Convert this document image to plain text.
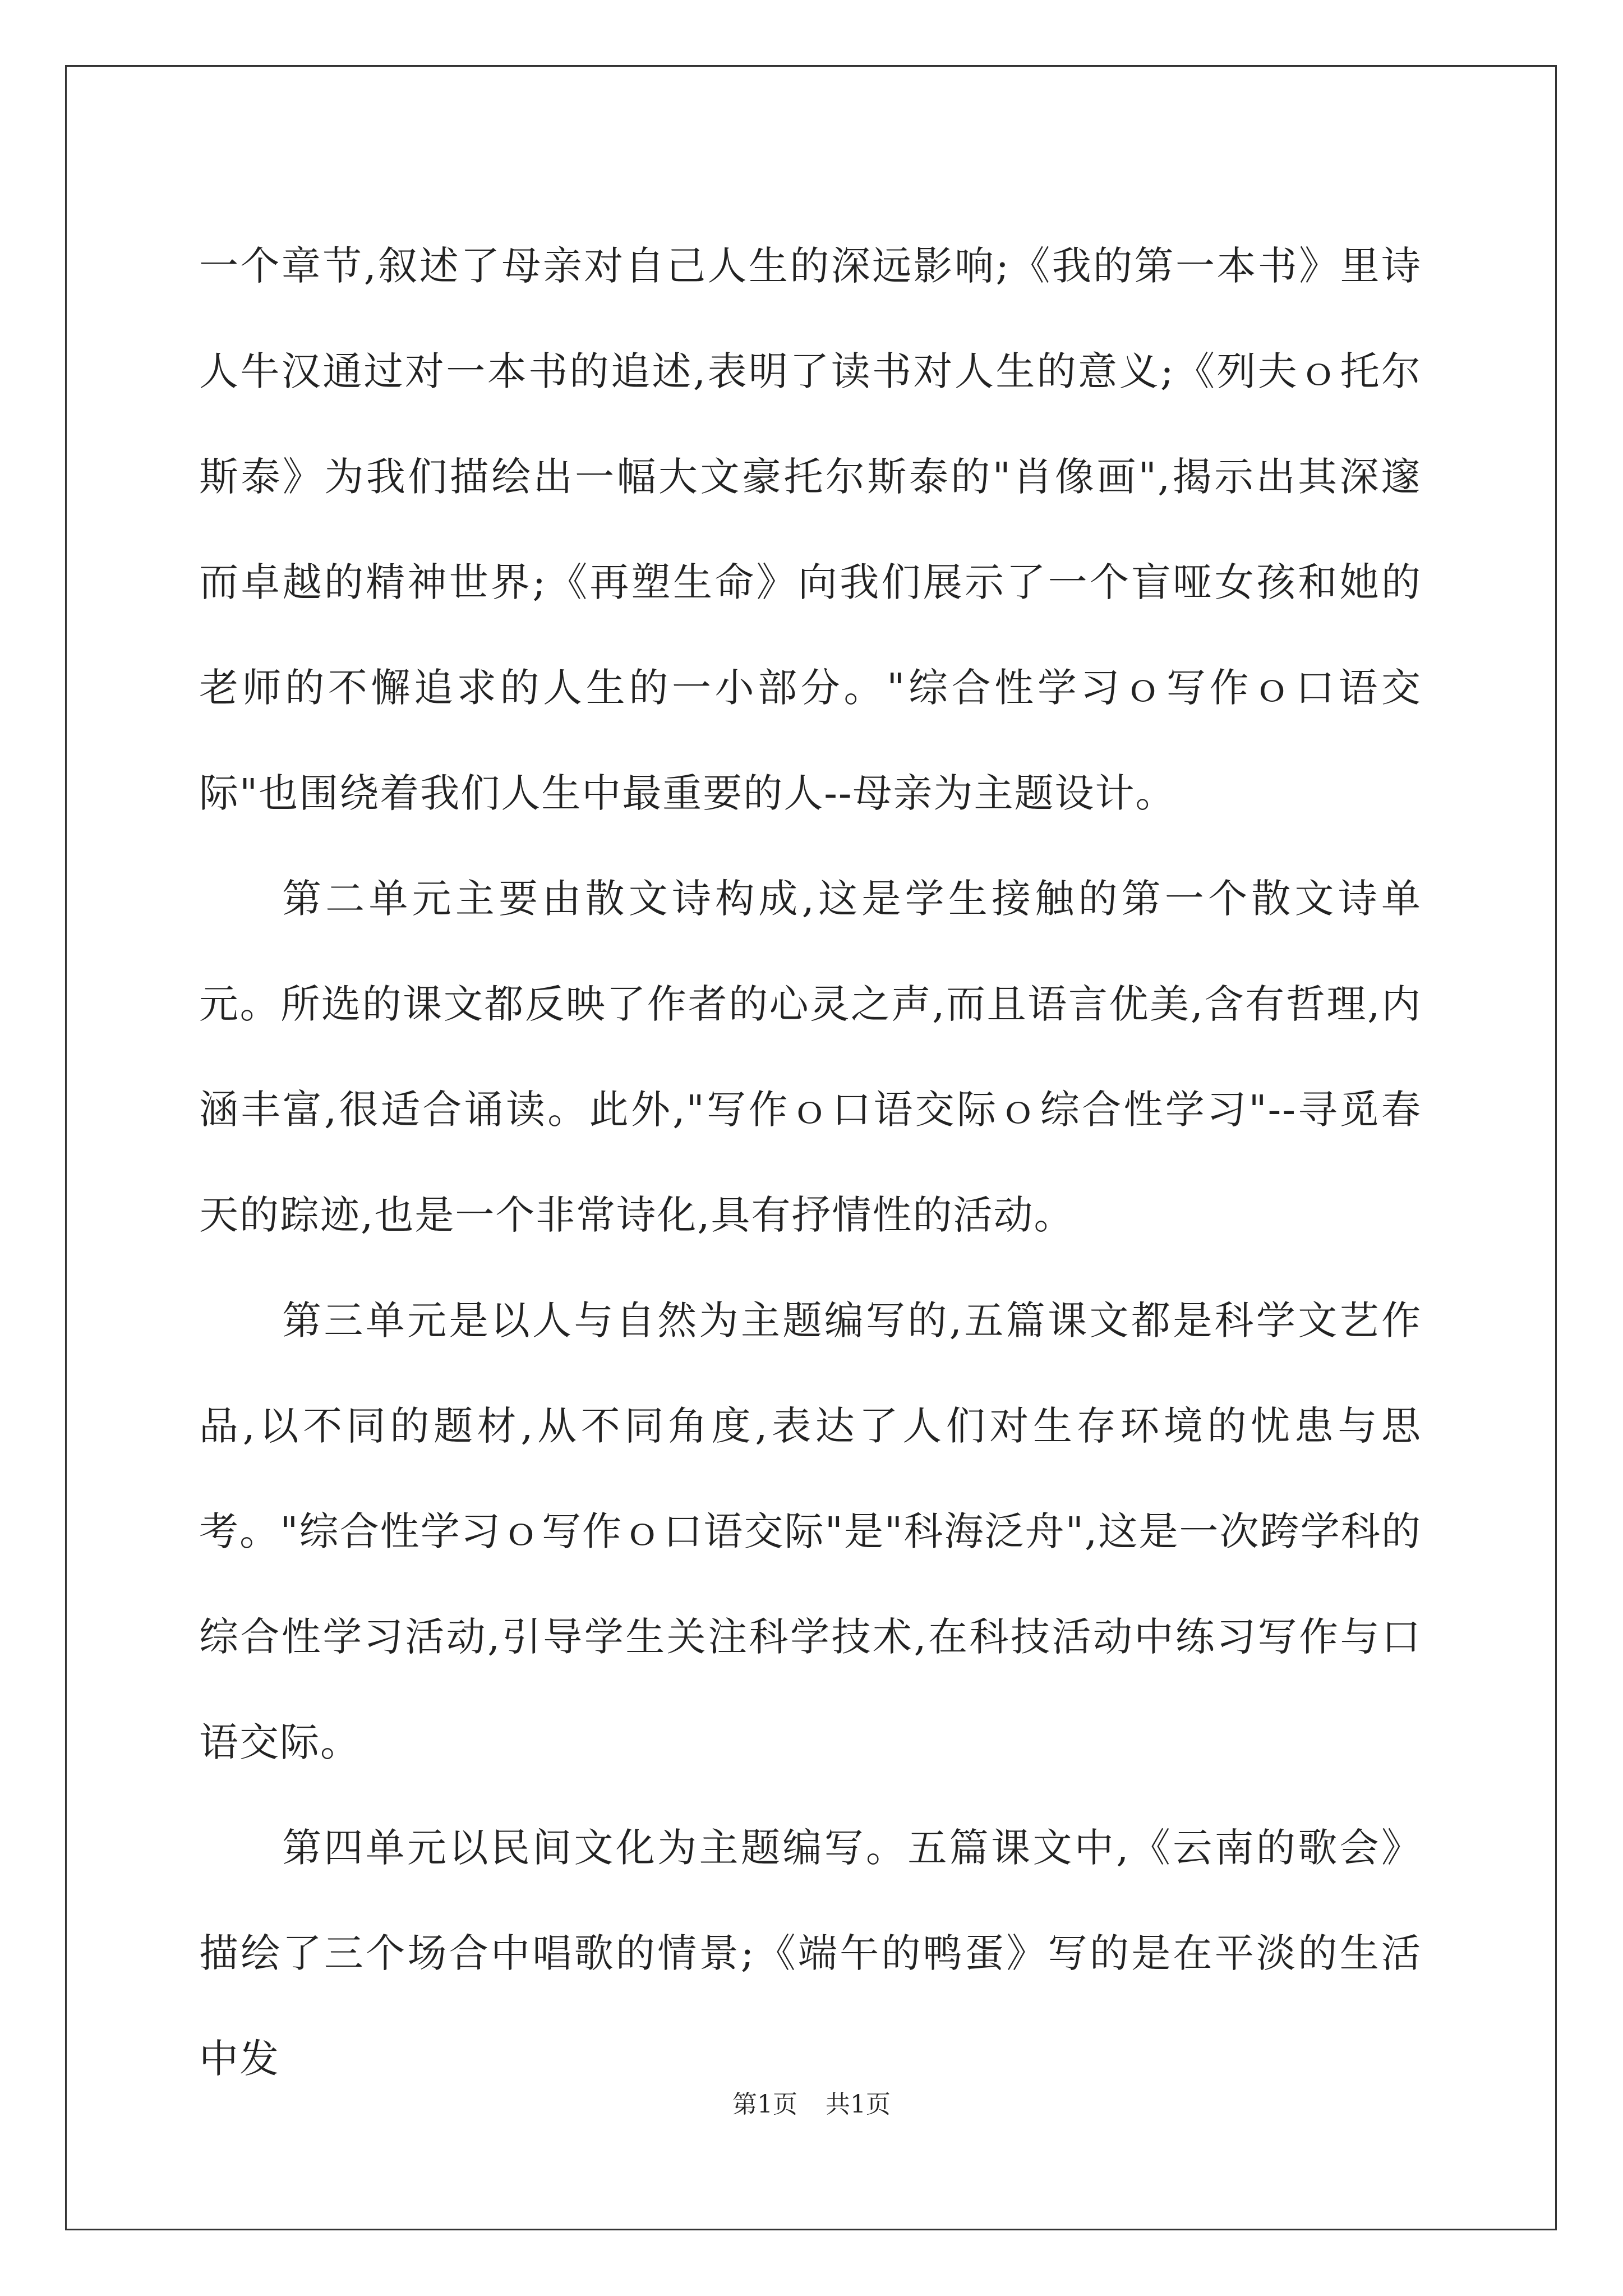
一个章节,叙述了母亲对自己人生的深远影响;《我的第一本书》里诗人牛汉通过对一本书的追述,表明了读书对人生的意义;《列夫ｏ托尔斯泰》为我们描绘出一幅大文豪托尔斯泰的"肖像画",揭示出其深邃而卓越的精神世界;《再塑生命》向我们展示了一个盲哑女孩和她的老师的不懈追求的人生的一小部分。"综合性学习ｏ写作ｏ口语交际"也围绕着我们人生中最重要的人--母亲为主题设计。

第二单元主要由散文诗构成,这是学生接触的第一个散文诗单元。所选的课文都反映了作者的心灵之声,而且语言优美,含有哲理,内涵丰富,很适合诵读。此外,"写作ｏ口语交际ｏ综合性学习"--寻觅春天的踪迹,也是一个非常诗化,具有抒情性的活动。

第三单元是以人与自然为主题编写的,五篇课文都是科学文艺作品,以不同的题材,从不同角度,表达了人们对生存环境的忧患与思考。"综合性学习ｏ写作ｏ口语交际"是"科海泛舟",这是一次跨学科的综合性学习活动,引导学生关注科学技术,在科技活动中练习写作与口语交际。

第四单元以民间文化为主题编写。五篇课文中,《云南的歌会》描绘了三个场合中唱歌的情景;《端午的鸭蛋》写的是在平淡的生活中发

第1页 共1页
